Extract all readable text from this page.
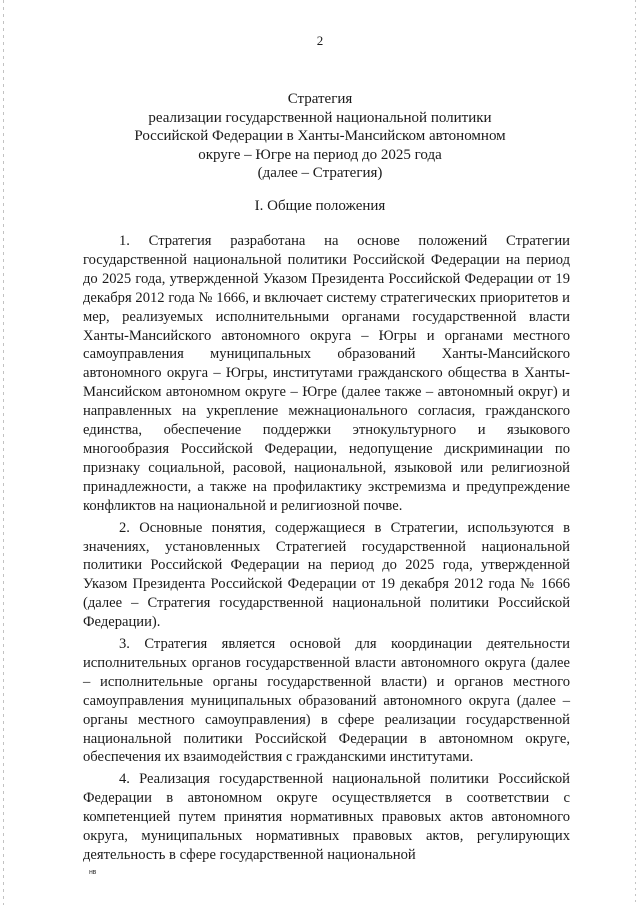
2
Стратегия
реализации государственной национальной политики
Российской Федерации в Ханты-Мансийском автономном
округе – Югре на период до 2025 года
(далее – Стратегия)
I. Общие положения

1. Стратегия разработана на основе положений Стратегии государственной национальной политики Российской Федерации на период до 2025 года, утвержденной Указом Президента Российской Федерации от 19 декабря 2012 года № 1666, и включает систему стратегических приоритетов и мер, реализуемых исполнительными органами государственной власти Ханты-Мансийского автономного округа – Югры и органами местного самоуправления муниципальных образований Ханты-Мансийского автономного округа – Югры, институтами гражданского общества в Ханты-Мансийском автономном округе – Югре (далее также – автономный округ) и направленных на укрепление межнационального согласия, гражданского единства, обеспечение поддержки этнокультурного и языкового многообразия Российской Федерации, недопущение дискриминации по признаку социальной, расовой, национальной, языковой или религиозной принадлежности, а также на профилактику экстремизма и предупреждение конфликтов на национальной и религиозной почве.

2. Основные понятия, содержащиеся в Стратегии, используются в значениях, установленных Стратегией государственной национальной политики Российской Федерации на период до 2025 года, утвержденной Указом Президента Российской Федерации от 19 декабря 2012 года № 1666 (далее – Стратегия государственной национальной политики Российской Федерации).

3. Стратегия является основой для координации деятельности исполнительных органов государственной власти автономного округа (далее – исполнительные органы государственной власти) и органов местного самоуправления муниципальных образований автономного округа (далее – органы местного самоуправления) в сфере реализации государственной национальной политики Российской Федерации в автономном округе, обеспечения их взаимодействия с гражданскими институтами.

4. Реализация государственной национальной политики Российской Федерации в автономном округе осуществляется в соответствии с компетенцией путем принятия нормативных правовых актов автономного округа, муниципальных нормативных правовых актов, регулирующих деятельность в сфере государственной национальной

нв
